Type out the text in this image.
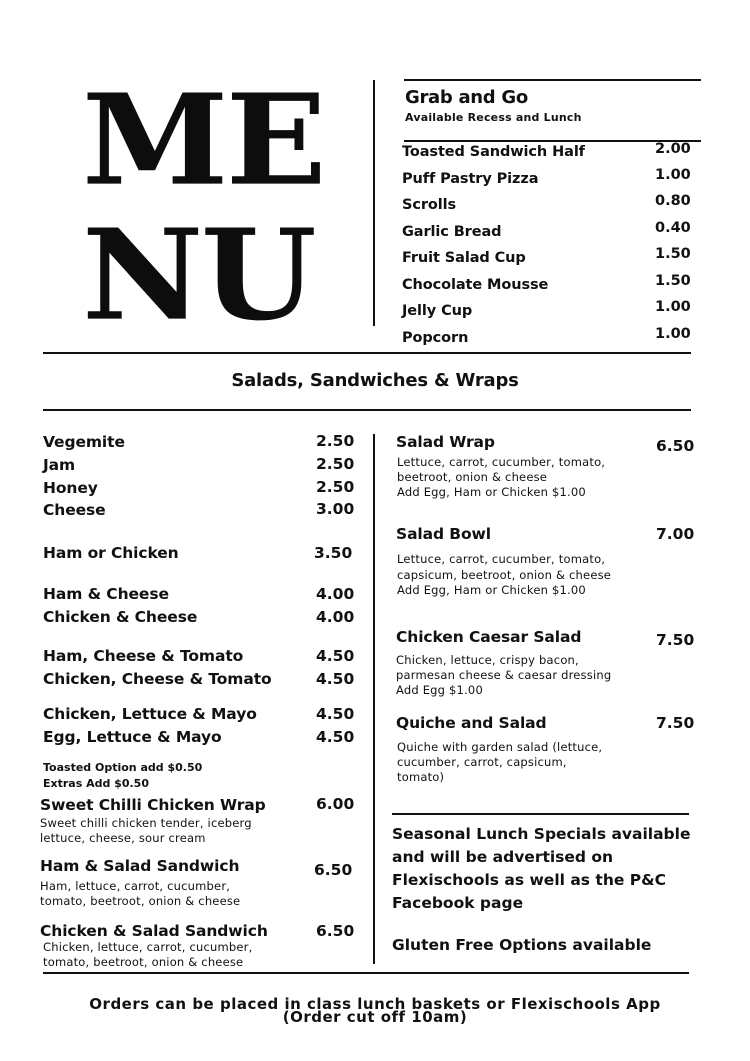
ME
NU
Grab and Go
Available Recess and Lunch
Toasted Sandwich Half	2.00
Puff Pastry Pizza	1.00
Scrolls	0.80
Garlic Bread	0.40
Fruit Salad Cup	1.50
Chocolate Mousse	1.50
Jelly Cup	1.00
Popcorn	1.00
Salads, Sandwiches & Wraps
Vegemite	2.50
Jam	2.50
Honey	2.50
Cheese	3.00
Ham or Chicken	3.50
Ham & Cheese	4.00
Chicken & Cheese	4.00
Ham, Cheese & Tomato	4.50
Chicken, Cheese & Tomato	4.50
Chicken, Lettuce & Mayo	4.50
Egg, Lettuce & Mayo	4.50
Toasted Option add $0.50
Extras Add $0.50
Sweet Chilli Chicken Wrap	6.00
Sweet chilli chicken tender, iceberg
lettuce, cheese, sour cream
Ham & Salad Sandwich	6.50
Ham, lettuce, carrot, cucumber,
tomato, beetroot, onion & cheese
Chicken & Salad Sandwich	6.50
Chicken, lettuce, carrot, cucumber,
tomato, beetroot, onion & cheese
Salad Wrap	6.50
Lettuce, carrot, cucumber, tomato,
beetroot, onion & cheese
Add Egg, Ham or Chicken $1.00
Salad Bowl	7.00
Lettuce, carrot, cucumber, tomato,
capsicum, beetroot, onion & cheese
Add Egg, Ham or Chicken $1.00
Chicken Caesar Salad	7.50
Chicken, lettuce, crispy bacon,
parmesan cheese & caesar dressing
Add Egg $1.00
Quiche and Salad	7.50
Quiche with garden salad (lettuce,
cucumber, carrot, capsicum,
tomato)
Seasonal Lunch Specials available and will be advertised on Flexischools as well as the P&C Facebook page
Gluten Free Options available
Orders can be placed in class lunch baskets or Flexischools App
(Order cut off 10am)
